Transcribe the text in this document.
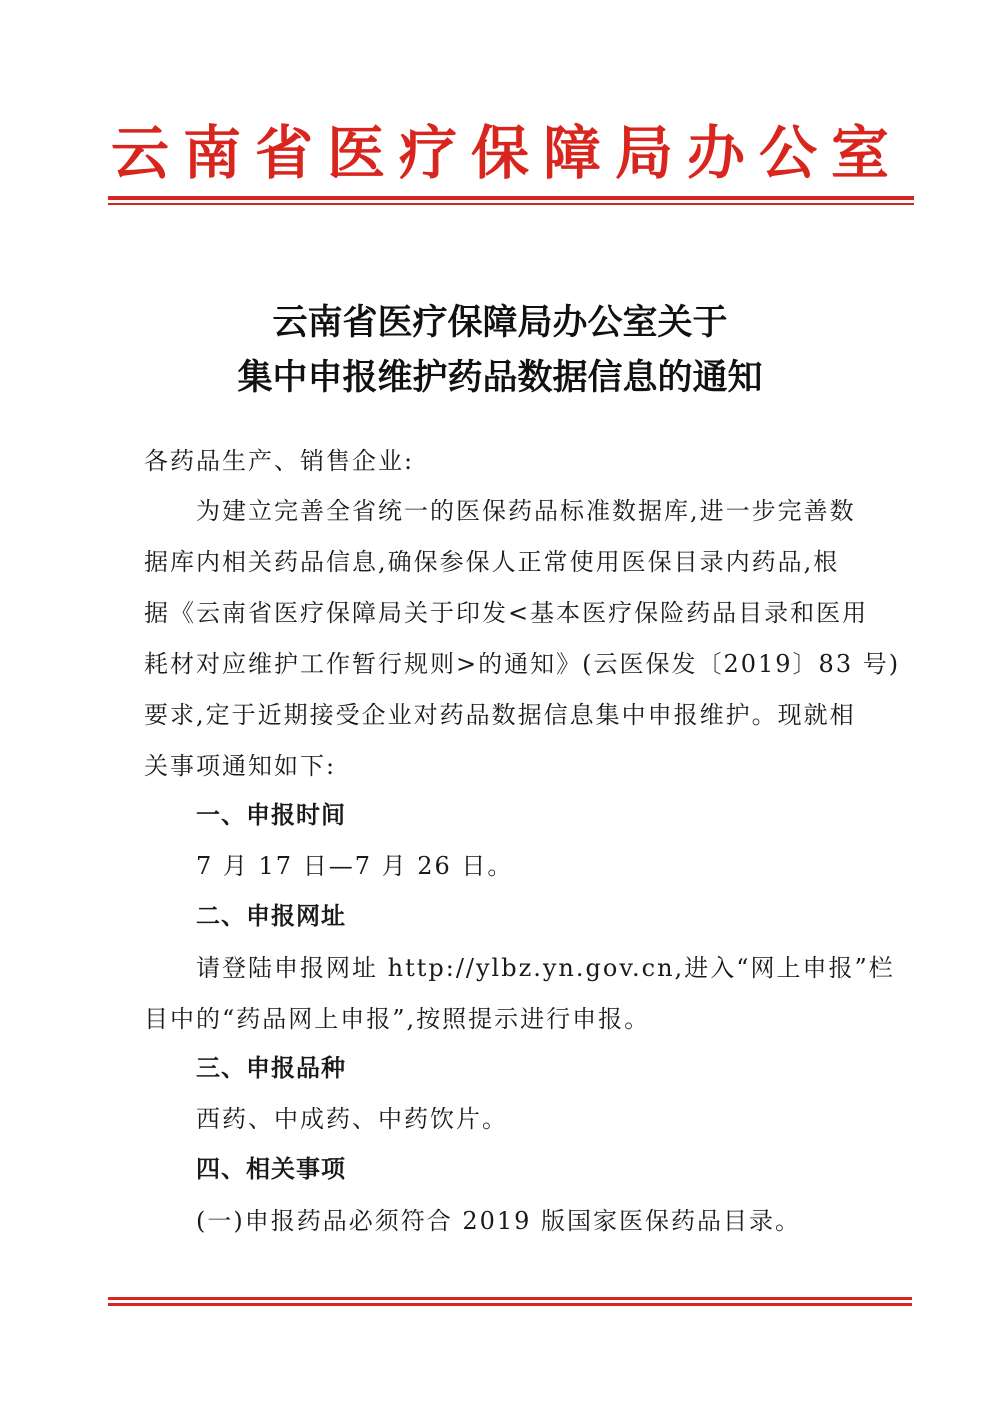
云南省医疗保障局办公室
云南省医疗保障局办公室关于
集中申报维护药品数据信息的通知
各药品生产、销售企业:
为建立完善全省统一的医保药品标准数据库,进一步完善数
据库内相关药品信息,确保参保人正常使用医保目录内药品,根
据《云南省医疗保障局关于印发<基本医疗保险药品目录和医用
耗材对应维护工作暂行规则>的通知》(云医保发〔2019〕83 号)
要求,定于近期接受企业对药品数据信息集中申报维护。现就相
关事项通知如下:
一、申报时间
7 月 17 日—7 月 26 日。
二、申报网址
请登陆申报网址 http://ylbz.yn.gov.cn,进入“网上申报”栏
目中的“药品网上申报”,按照提示进行申报。
三、申报品种
西药、中成药、中药饮片。
四、相关事项
(一)申报药品必须符合 2019 版国家医保药品目录。
